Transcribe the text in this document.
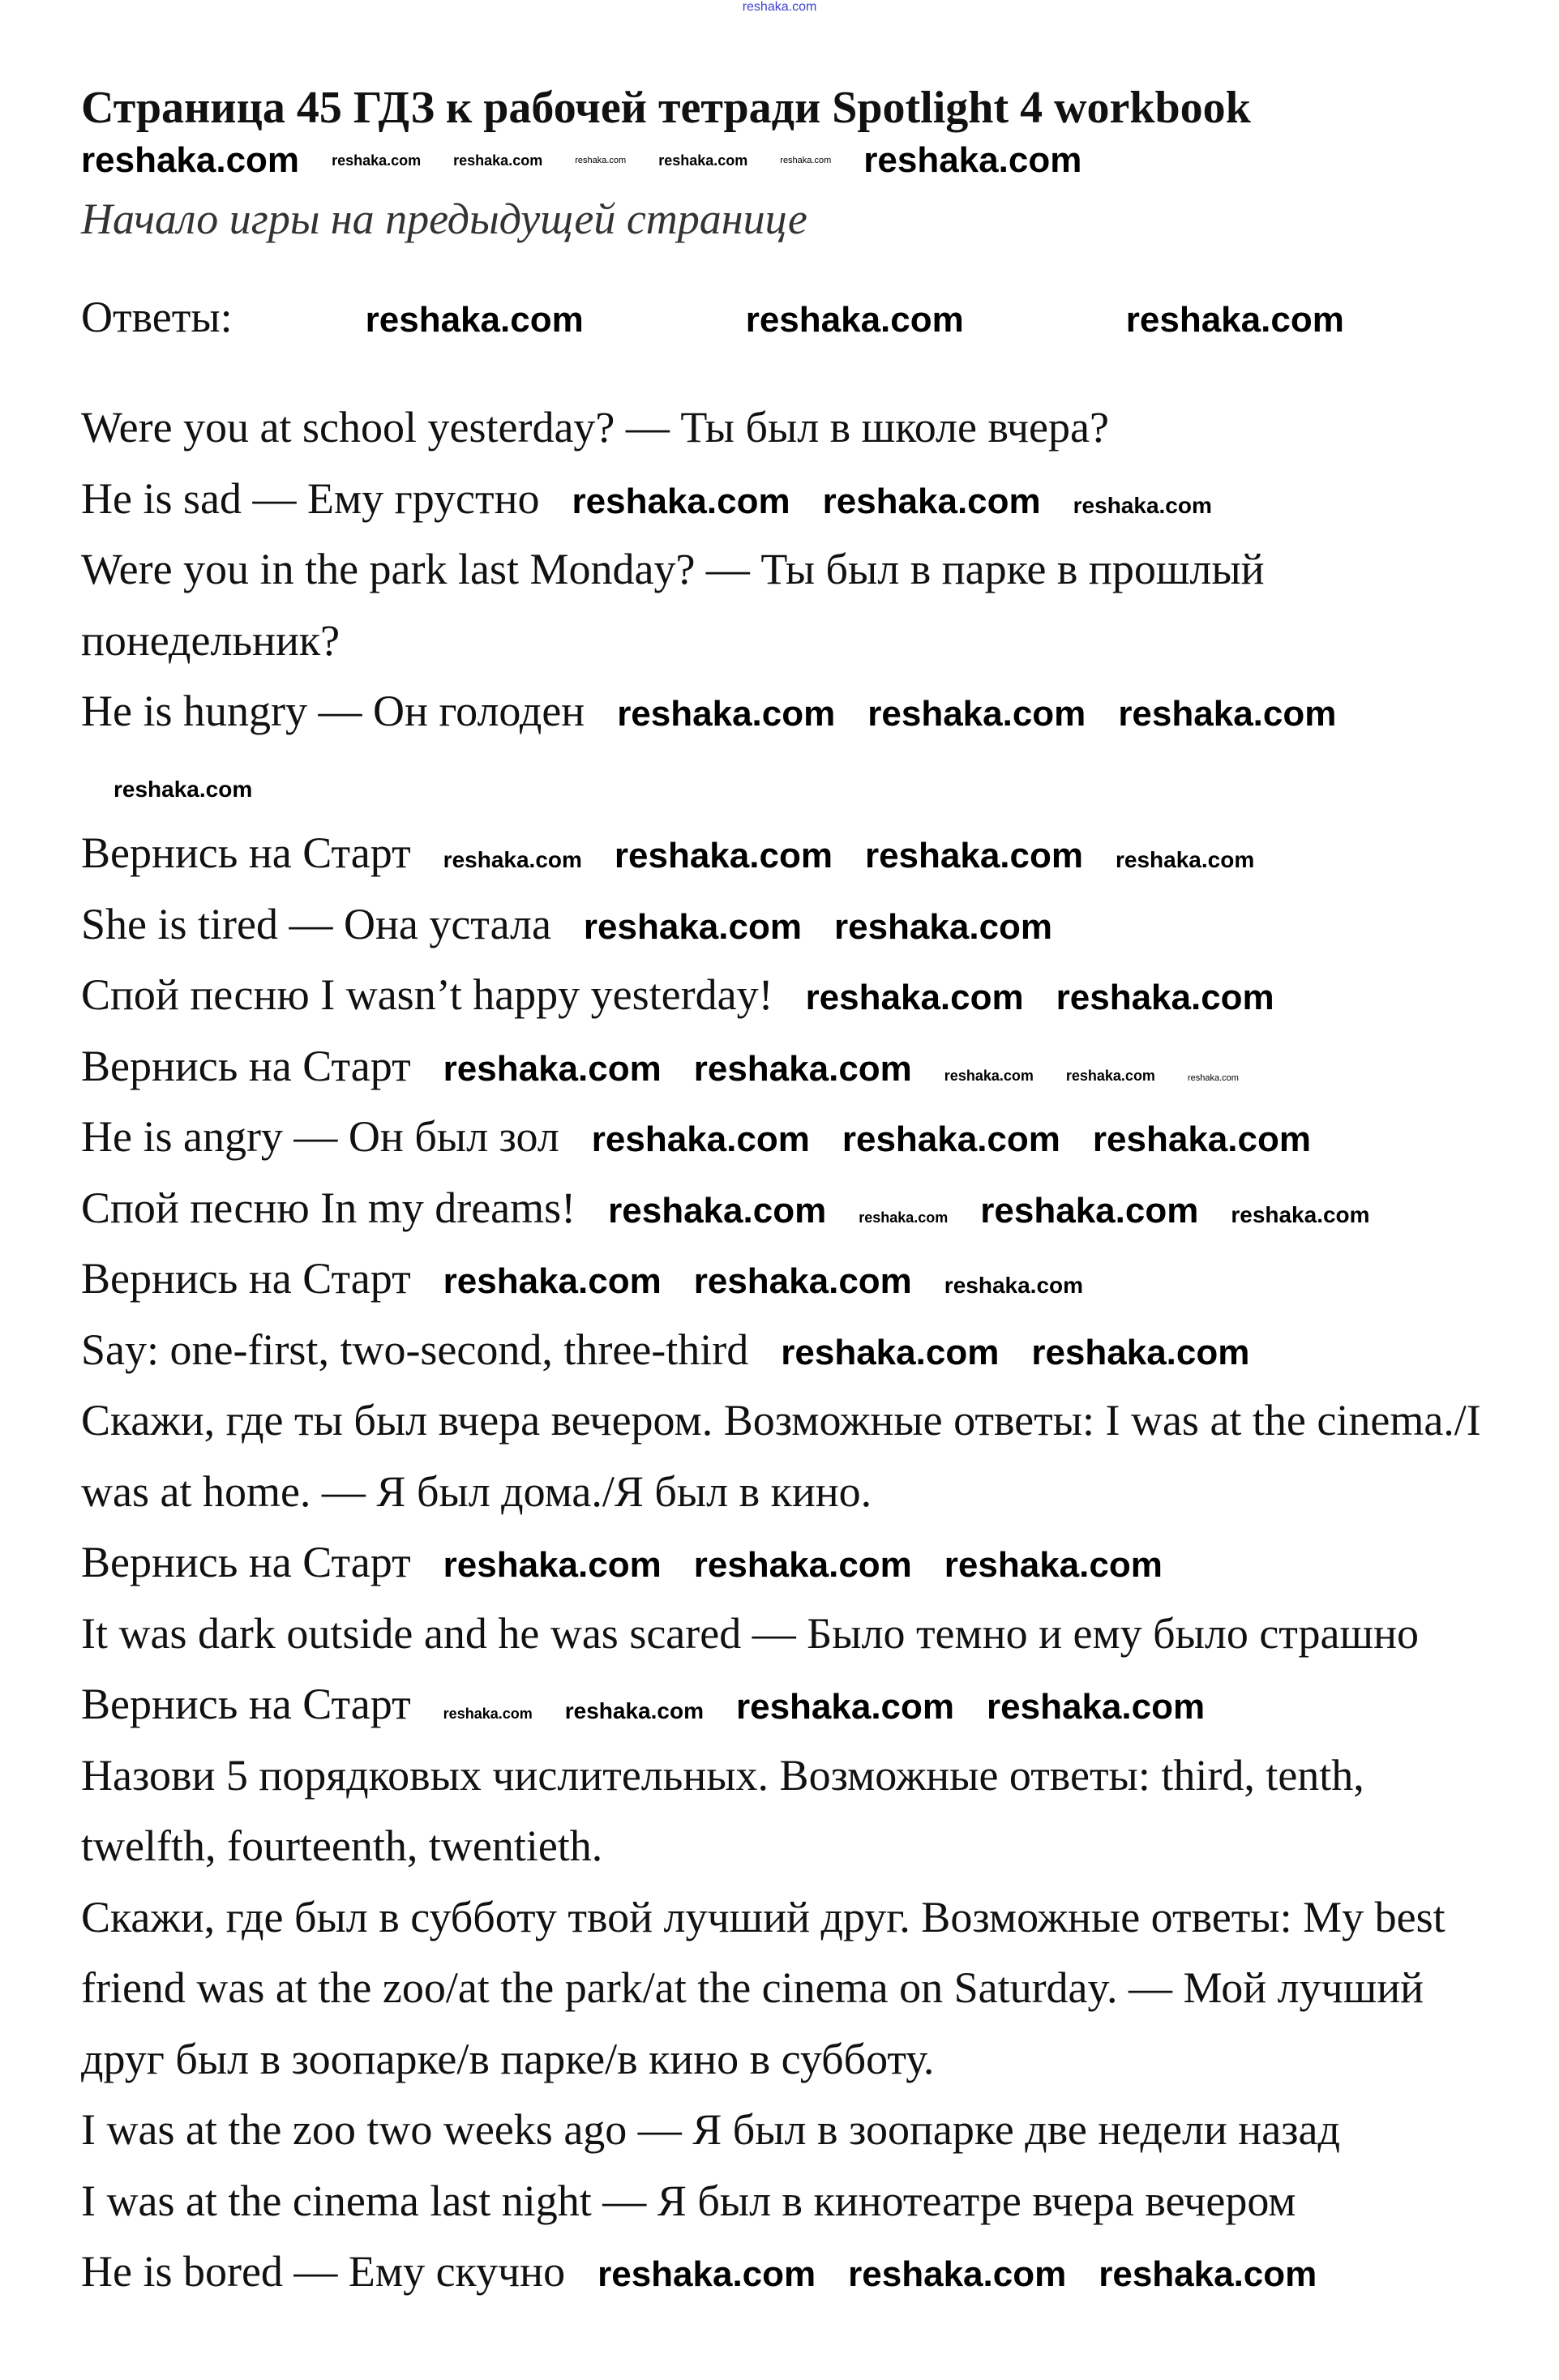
reshaka.com
Страница 45 ГДЗ к рабочей тетради Spotlight 4 workbook
reshaka.com reshaka.com reshaka.com	reshaka.com reshaka.com	reshaka.com reshaka.com
Начало игры на предыдущей странице
Ответы:	reshaka.com	reshaka.com	reshaka.com

Were you at school yesterday? — Ты был в школе вчера?

He is sad — Ему грустно reshaka.com reshaka.com reshaka.com

Were you in the park last Monday? — Ты был в парке в прошлый понедельник?

He is hungry — Он голоден reshaka.com reshaka.com reshaka.comreshaka.com

Вернись на Старт reshaka.com reshaka.com reshaka.com reshaka.com

She is tired — Она устала reshaka.com reshaka.com

Спой песню I wasn’t happy yesterday! reshaka.com reshaka.com

Вернись на Старт reshaka.com reshaka.com reshaka.com reshaka.com	reshaka.com

He is angry — Он был зол reshaka.com reshaka.com reshaka.com

Спой песню In my dreams! reshaka.com reshaka.com reshaka.com reshaka.com

Вернись на Старт reshaka.com reshaka.com reshaka.com

Say: one-first, two-second, three-third reshaka.com reshaka.com

Скажи, где ты был вчера вечером. Возможные ответы: I was at the cinema./I was at home. — Я был дома./Я был в кино.

Вернись на Старт reshaka.com reshaka.com reshaka.com

It was dark outside and he was scared — Было темно и ему было страшно

Вернись на Старт reshaka.com reshaka.com reshaka.com reshaka.com

Назови 5 порядковых числительных. Возможные ответы: third, tenth, twelfth, fourteenth, twentieth.

Скажи, где был в субботу твой лучший друг. Возможные ответы: My best friend was at the zoo/at the park/at the cinema on Saturday. — Мой лучший друг был в зоопарке/в парке/в кино в субботу.

I was at the zoo two weeks ago — Я был в зоопарке две недели назад

I was at the cinema last night — Я был в кинотеатре вчера вечером

He is bored — Ему скучно reshaka.com reshaka.com reshaka.com
